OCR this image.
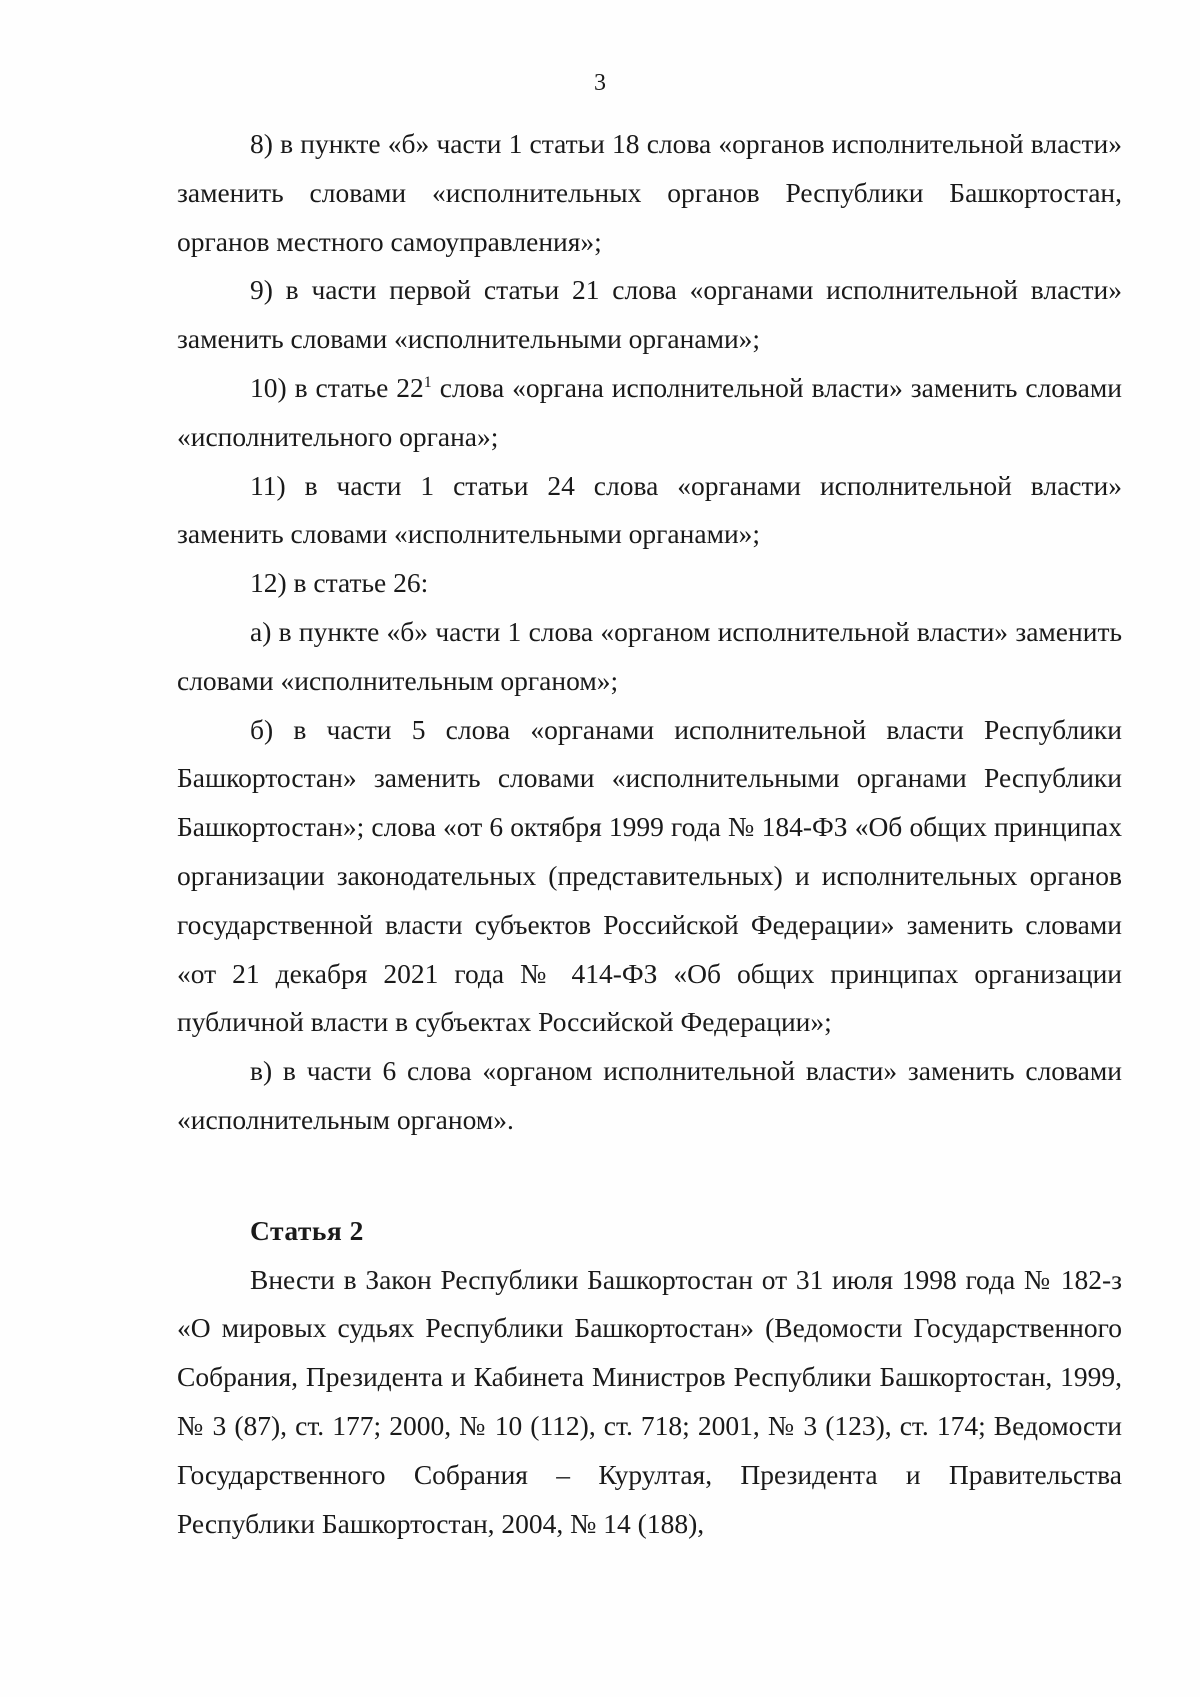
3

8) в пункте «б» части 1 статьи 18 слова «органов исполнительной власти» заменить словами «исполнительных органов Республики Башкортостан, органов местного самоуправления»;

9) в части первой статьи 21 слова «органами исполнительной власти» заменить словами «исполнительными органами»;

10) в статье $22^1$ слова «органа исполнительной власти» заменить словами «исполнительного органа»;

11) в части 1 статьи 24 слова «органами исполнительной власти» заменить словами «исполнительными органами»;

12) в статье 26:

а) в пункте «б» части 1 слова «органом исполнительной власти» заменить словами «исполнительным органом»;

б) в части 5 слова «органами исполнительной власти Республики Башкортостан» заменить словами «исполнительными органами Республики Башкортостан»; слова «от 6 октября 1999 года № 184-ФЗ «Об общих принципах организации законодательных (представительных) и исполнительных органов государственной власти субъектов Российской Федерации» заменить словами «от 21 декабря 2021 года № 414-ФЗ «Об общих принципах организации публичной власти в субъектах Российской Федерации»;

в) в части 6 слова «органом исполнительной власти» заменить словами «исполнительным органом».

Статья 2

Внести в Закон Республики Башкортостан от 31 июля 1998 года № 182-з «О мировых судьях Республики Башкортостан» (Ведомости Государственного Собрания, Президента и Кабинета Министров Республики Башкортостан, 1999, № 3 (87), ст. 177; 2000, № 10 (112), ст. 718; 2001, № 3 (123), ст. 174; Ведомости Государственного Собрания – Курултая, Президента и Правительства Республики Башкортостан, 2004, № 14 (188),
